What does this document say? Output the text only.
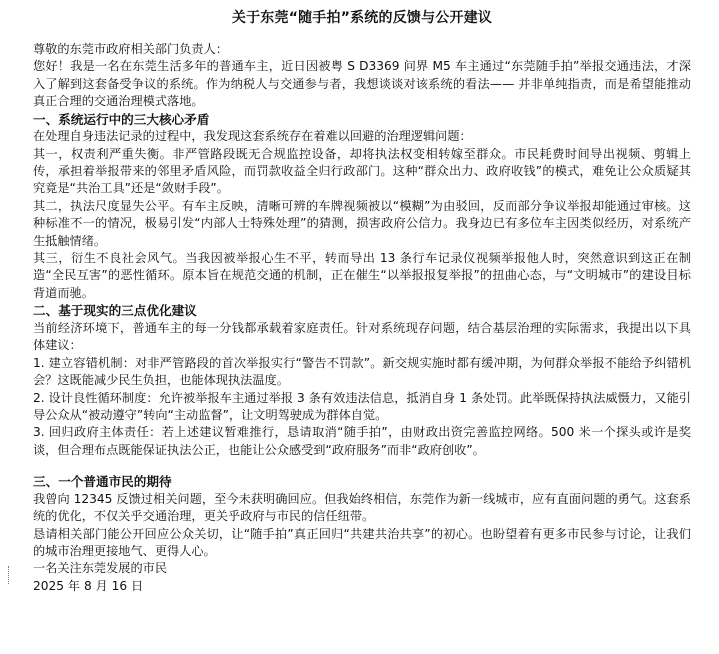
关于东莞“随手拍”系统的反馈与公开建议

尊敬的东莞市政府相关部门负责人：

您好！我是一名在东莞生活多年的普通车主，近日因被粤 S D3369 问界 M5 车主通过“东莞随手拍”举报交通违法，才深入了解到这套备受争议的系统。作为纳税人与交通参与者，我想谈谈对该系统的看法—— 并非单纯指责，而是希望能推动真正合理的交通治理模式落地。

一、系统运行中的三大核心矛盾

在处理自身违法记录的过程中，我发现这套系统存在着难以回避的治理逻辑问题：

其一，权责利严重失衡。非严管路段既无合规监控设备，却将执法权变相转嫁至群众。市民耗费时间导出视频、剪辑上传，承担着举报带来的邻里矛盾风险，而罚款收益全归行政部门。这种“群众出力、政府收钱”的模式，难免让公众质疑其究竟是“共治工具”还是“敛财手段”。

其二，执法尺度显失公平。有车主反映，清晰可辨的车牌视频被以“模糊”为由驳回，反而部分争议举报却能通过审核。这种标准不一的情况，极易引发“内部人士特殊处理”的猜测，损害政府公信力。我身边已有多位车主因类似经历，对系统产生抵触情绪。

其三，衍生不良社会风气。当我因被举报心生不平，转而导出 13 条行车记录仪视频举报他人时，突然意识到这正在制造“全民互害”的恶性循环。原本旨在规范交通的机制，正在催生“以举报报复举报”的扭曲心态，与“文明城市”的建设目标背道而驰。

二、基于现实的三点优化建议

当前经济环境下，普通车主的每一分钱都承载着家庭责任。针对系统现存问题，结合基层治理的实际需求，我提出以下具体建议：

1. 建立容错机制：对非严管路段的首次举报实行“警告不罚款”。新交规实施时都有缓冲期，为何群众举报不能给予纠错机会？这既能减少民生负担，也能体现执法温度。

2. 设计良性循环制度：允许被举报车主通过举报 3 条有效违法信息，抵消自身 1 条处罚。此举既保持执法威慑力，又能引导公众从“被动遵守”转向“主动监督”，让文明驾驶成为群体自觉。

3. 回归政府主体责任：若上述建议暂难推行，恳请取消“随手拍”，由财政出资完善监控网络。500 米一个探头或许是奖谈，但合理布点既能保证执法公正，也能让公众感受到“政府服务”而非“政府创收”。

三、一个普通市民的期待

我曾向 12345 反馈过相关问题，至今未获明确回应。但我始终相信，东莞作为新一线城市，应有直面问题的勇气。这套系统的优化，不仅关乎交通治理，更关乎政府与市民的信任纽带。

恳请相关部门能公开回应公众关切，让“随手拍”真正回归“共建共治共享”的初心。也盼望着有更多市民参与讨论，让我们的城市治理更接地气、更得人心。

一名关注东莞发展的市民

2025 年 8 月 16 日
